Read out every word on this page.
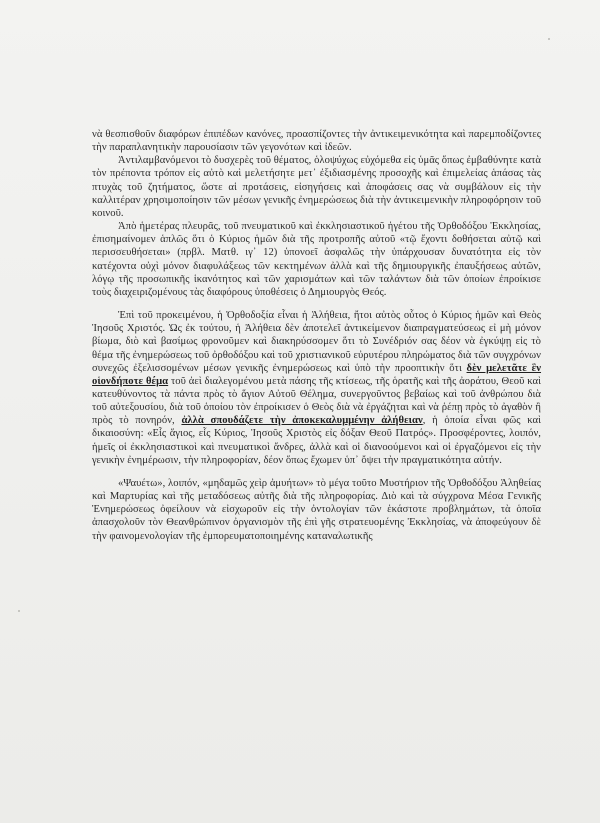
νὰ θεσπισθοῦν διαφόρων ἐπιπέδων κανόνες, προασπίζοντες τὴν ἀντικειμενικότητα καὶ παρεμποδίζοντες τὴν παραπλανητικὴν παρουσίασιν τῶν γεγονότων καὶ ἰδεῶν.

Ἀντιλαμβανόμενοι τὸ δυσχερὲς τοῦ θέματος, ὁλοψύχως εὐχόμεθα εἰς ὑμᾶς ὅπως ἐμβαθύνητε κατὰ τὸν πρέποντα τρόπον εἰς αὐτὸ καὶ μελετήσητε μετ᾽ ἐξιδιασμένης προσοχῆς καὶ ἐπιμελείας ἁπάσας τὰς πτυχὰς τοῦ ζητήματος, ὥστε αἱ προτάσεις, εἰσηγήσεις καὶ ἀποφάσεις σας νὰ συμβάλουν εἰς τὴν καλλιτέραν χρησιμοποίησιν τῶν μέσων γενικῆς ἐνημερώσεως διὰ τὴν ἀντικειμενικὴν πληροφόρησιν τοῦ κοινοῦ.

Ἀπὸ ἡμετέρας πλευρᾶς, τοῦ πνευματικοῦ καὶ ἐκκλησιαστικοῦ ἡγέτου τῆς Ὀρθοδόξου Ἐκκλησίας, ἐπισημαίνομεν ἁπλῶς ὅτι ὁ Κύριος ἡμῶν διὰ τῆς προτροπῆς αὐτοῦ «τῷ ἔχοντι δοθήσεται αὐτῷ καὶ περισσευθήσεται» (πρβλ. Ματθ. ιγ᾽ 12) ὑπονοεῖ ἀσφαλῶς τὴν ὑπάρχουσαν δυνατότητα εἰς τὸν κατέχοντα οὐχὶ μόνον διαφυλάξεως τῶν κεκτημένων ἀλλὰ καὶ τῆς δημιουργικῆς ἐπαυξήσεως αὐτῶν, λόγῳ τῆς προσωπικῆς ἱκανότητος καὶ τῶν χαρισμάτων καὶ τῶν ταλάντων διὰ τῶν ὁποίων ἐπροίκισε τοὺς διαχειριζομένους τὰς διαφόρους ὑποθέσεις ὁ Δημιουργὸς Θεός.

Ἐπὶ τοῦ προκειμένου, ἡ Ὀρθοδοξία εἶναι ἡ Ἀλήθεια, ἤτοι αὐτὸς οὗτος ὁ Κύριος ἡμῶν καὶ Θεὸς Ἰησοῦς Χριστός. Ὡς ἐκ τούτου, ἡ Ἀλήθεια δὲν ἀποτελεῖ ἀντικείμενον διαπραγματεύσεως εἰ μὴ μόνον βίωμα, διὸ καὶ βασίμως φρονοῦμεν καὶ διακηρύσσομεν ὅτι τὸ Συνέδριόν σας δέον νὰ ἐγκύψῃ εἰς τὸ θέμα τῆς ἐνημερώσεως τοῦ ὀρθοδόξου καὶ τοῦ χριστιανικοῦ εὐρυτέρου πληρώματος διὰ τῶν συγχρόνων συνεχῶς ἐξελισσομένων μέσων γενικῆς ἐνημερώσεως καὶ ὑπὸ τὴν προοπτικὴν ὅτι δὲν μελετᾶτε ἓν οἱονδήποτε θέμα τοῦ ἀεὶ διαλεγομένου μετὰ πάσης τῆς κτίσεως, τῆς ὁρατῆς καὶ τῆς ἀοράτου, Θεοῦ καὶ κατευθύνοντος τὰ πάντα πρὸς τὸ ἅγιον Αὐτοῦ Θέλημα, συνεργοῦντος βεβαίως καὶ τοῦ ἀνθρώπου διὰ τοῦ αὐτεξουσίου, διὰ τοῦ ὁποίου τὸν ἐπροίκισεν ὁ Θεὸς διὰ νὰ ἐργάζηται καὶ νὰ ῥέπῃ πρὸς τὸ ἀγαθὸν ἢ πρὸς τὸ πονηρόν, ἀλλὰ σπουδάζετε τὴν ἀποκεκαλυμμένην ἀλήθειαν, ἡ ὁποία εἶναι φῶς καὶ δικαιοσύνη: «Εἷς ἅγιος, εἷς Κύριος, Ἰησοῦς Χριστὸς εἰς δόξαν Θεοῦ Πατρός». Προσφέροντες, λοιπόν, ἡμεῖς οἱ ἐκκλησιαστικοὶ καὶ πνευματικοὶ ἄνδρες, ἀλλὰ καὶ οἱ διανοούμενοι καὶ οἱ ἐργαζόμενοι εἰς τὴν γενικὴν ἐνημέρωσιν, τὴν πληροφορίαν, δέον ὅπως ἔχωμεν ὑπ᾽ ὄψει τὴν πραγματικότητα αὐτήν.

«Ψαυέτω», λοιπόν, «μηδαμῶς χεὶρ ἀμυήτων» τὸ μέγα τοῦτο Μυστήριον τῆς Ὀρθοδόξου Ἀληθείας καὶ Μαρτυρίας καὶ τῆς μεταδόσεως αὐτῆς διὰ τῆς πληροφορίας. Διὸ καὶ τὰ σύγχρονα Μέσα Γενικῆς Ἐνημερώσεως ὀφείλουν νὰ εἰσχωροῦν εἰς τὴν ὀντολογίαν τῶν ἑκάστοτε προβλημάτων, τὰ ὁποῖα ἀπασχολοῦν τὸν Θεανθρώπινον ὀργανισμὸν τῆς ἐπὶ γῆς στρατευομένης Ἐκκλησίας, νὰ ἀποφεύγουν δὲ τὴν φαινομενολογίαν τῆς ἐμπορευματοποιημένης καταναλωτικῆς
